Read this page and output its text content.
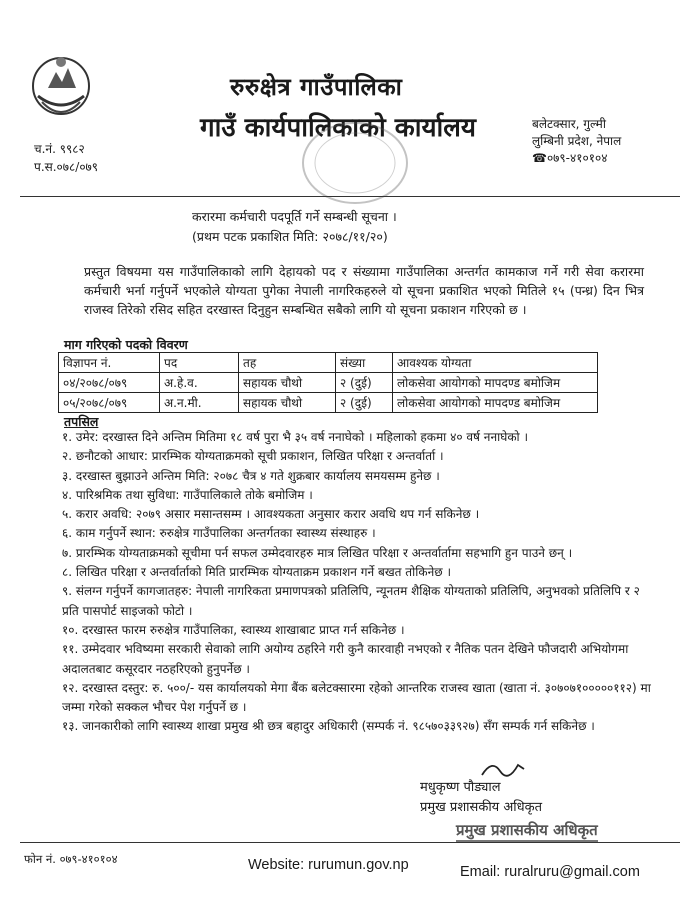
च.नं. ९९८२
प.स.०७८/०७९
रुरुक्षेत्र गाउँपालिका
गाउँ कार्यपालिकाको कार्यालय	बलेटक्सार, गुल्मी
लुम्बिनी प्रदेश, नेपाल
☎०७९-४१०१०४
करारमा कर्मचारी पदपूर्ति गर्ने सम्बन्धी सूचना ।
(प्रथम पटक प्रकाशित मिति: २०७८/११/२०)
प्रस्तुत विषयमा यस गाउँपालिकाको लागि देहायको पद र संख्यामा गाउँपालिका अन्तर्गत कामकाज गर्ने गरी सेवा करारमा कर्मचारी भर्ना गर्नुपर्ने भएकोले योग्यता पुगेका नेपाली नागरिकहरुले यो सूचना प्रकाशित भएको मितिले १५ (पन्ध्र) दिन भित्र राजस्व तिरेको रसिद सहित दरखास्त दिनुहुन सम्बन्धित सबैको लागि यो सूचना प्रकाशन गरिएको छ ।
माग गरिएको पदको विवरण
विज्ञापन नं.	पद	तह	संख्या	आवश्यक योग्यता
०४/२०७८/०७९	अ.हे.व.	सहायक चौथो	२ (दुई)	लोकसेवा आयोगको मापदण्ड बमोजिम
०५/२०७८/०७९	अ.न.मी.	सहायक चौथो	२ (दुई)	लोकसेवा आयोगको मापदण्ड बमोजिम
तपसिल

१. उमेर: दरखास्त दिने अन्तिम मितिमा १८ वर्ष पुरा भै ३५ वर्ष ननाघेको । महिलाको हकमा ४० वर्ष ननाघेको ।

२. छनौटको आधार: प्रारम्भिक योग्यताक्रमको सूची प्रकाशन, लिखित परिक्षा र अन्तर्वार्ता ।

३. दरखास्त बुझाउने अन्तिम मिति: २०७८ चैत्र ४ गते शुक्रबार कार्यालय समयसम्म हुनेछ ।

४. पारिश्रमिक तथा सुविधा: गाउँपालिकाले तोके बमोजिम ।

५. करार अवधि: २०७९ असार मसान्तसम्म । आवश्यकता अनुसार करार अवधि थप गर्न सकिनेछ ।

६. काम गर्नुपर्ने स्थान: रुरुक्षेत्र गाउँपालिका अन्तर्गतका स्वास्थ्य संस्थाहरु ।

७. प्रारम्भिक योग्यताक्रमको सूचीमा पर्न सफल उम्मेदवारहरु मात्र लिखित परिक्षा र अन्तर्वार्तामा सहभागि हुन पाउने छन् ।

८. लिखित परिक्षा र अन्तर्वार्ताको मिति प्रारम्भिक योग्यताक्रम प्रकाशन गर्ने बखत तोकिनेछ ।

९. संलग्न गर्नुपर्ने कागजातहरु: नेपाली नागरिकता प्रमाणपत्रको प्रतिलिपि, न्यूनतम शैक्षिक योग्यताको प्रतिलिपि, अनुभवको प्रतिलिपि र २ प्रति पासपोर्ट साइजको फोटो ।

१०. दरखास्त फारम रुरुक्षेत्र गाउँपालिका, स्वास्थ्य शाखाबाट प्राप्त गर्न सकिनेछ ।

११. उम्मेदवार भविष्यमा सरकारी सेवाको लागि अयोग्य ठहरिने गरी कुनै कारवाही नभएको र नैतिक पतन देखिने फौजदारी अभियोगमा अदालतबाट कसूरदार नठहरिएको हुनुपर्नेछ ।

१२. दरखास्त दस्तुर: रु. ५००/- यस कार्यालयको मेगा बैंक बलेटक्सारमा रहेको आन्तरिक राजस्व खाता (खाता नं. ३०७०७१०००००११२) मा जम्मा गरेको सक्कल भौचर पेश गर्नुपर्ने छ ।

१३. जानकारीको लागि स्वास्थ्य शाखा प्रमुख श्री छत्र बहादुर अधिकारी (सम्पर्क नं. ९८५७०३३९२७) सँग सम्पर्क गर्न सकिनेछ ।

मधुकृष्ण पौड्याल
प्रमुख प्रशासकीय अधिकृत
प्रमुख प्रशासकीय अधिकृत
फोन नं. ०७९-४१०१०४	Website: rurumun.gov.np	Email: ruralruru@gmail.com
